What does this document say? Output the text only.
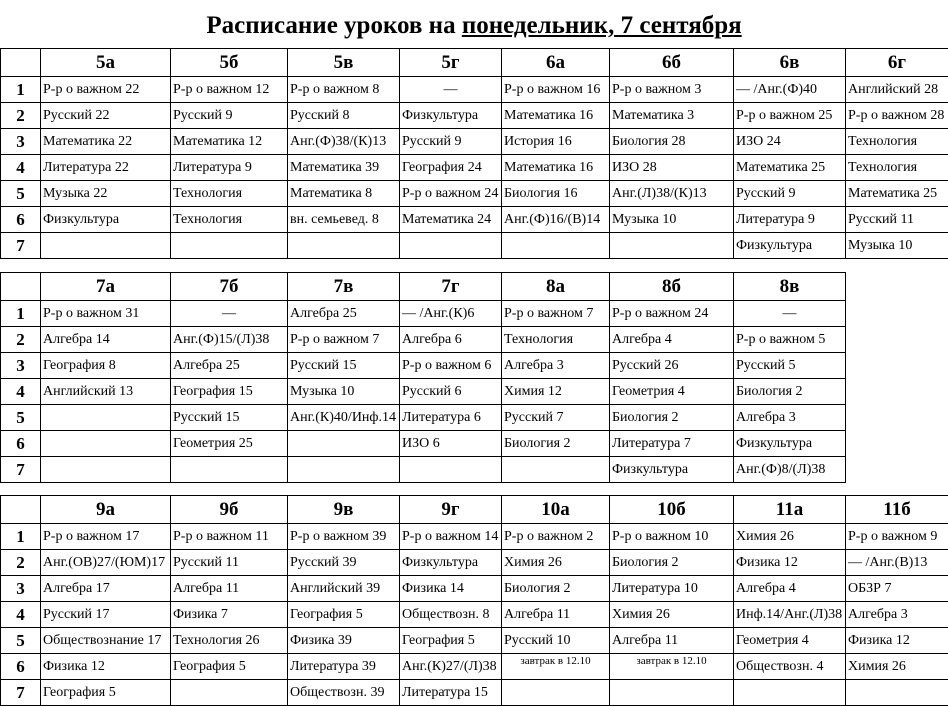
Расписание уроков на понедельник, 7 сентября
	5а	5б	5в	5г	6а	6б	6в	6г
1	Р-р о важном 22	Р-р о важном 12	Р-р о важном 8	—	Р-р о важном 16	Р-р о важном 3	— /Анг.(Ф)40	Английский 28
2	Русский 22	Русский 9	Русский 8	Физкультура	Математика 16	Математика 3	Р-р о важном 25	Р-р о важном 28
3	Математика 22	Математика 12	Анг.(Ф)38/(К)13	Русский 9	История 16	Биология 28	ИЗО 24	Технология
4	Литература 22	Литература 9	Математика 39	География 24	Математика 16	ИЗО 28	Математика 25	Технология
5	Музыка 22	Технология	Математика 8	Р-р о важном 24	Биология 16	Анг.(Л)38/(К)13	Русский 9	Математика 25
6	Физкультура	Технология	вн. семьевед. 8	Математика 24	Анг.(Ф)16/(В)14	Музыка 10	Литература 9	Русский 11
7							Физкультура	Музыка 10
	7а	7б	7в	7г	8а	8б	8в
1	Р-р о важном 31	—	Алгебра 25	— /Анг.(К)6	Р-р о важном 7	Р-р о важном 24	—
2	Алгебра 14	Анг.(Ф)15/(Л)38	Р-р о важном 7	Алгебра 6	Технология	Алгебра 4	Р-р о важном 5
3	География 8	Алгебра 25	Русский 15	Р-р о важном 6	Алгебра 3	Русский 26	Русский 5
4	Английский 13	География 15	Музыка 10	Русский 6	Химия 12	Геометрия 4	Биология 2
5		Русский 15	Анг.(К)40/Инф.14	Литература 6	Русский 7	Биология 2	Алгебра 3
6		Геометрия 25		ИЗО 6	Биология 2	Литература 7	Физкультура
7						Физкультура	Анг.(Ф)8/(Л)38
	9а	9б	9в	9г	10а	10б	11а	11б
1	Р-р о важном 17	Р-р о важном 11	Р-р о важном 39	Р-р о важном 14	Р-р о важном 2	Р-р о важном 10	Химия 26	Р-р о важном 9
2	Анг.(ОВ)27/(ЮМ)17	Русский 11	Русский 39	Физкультура	Химия 26	Биология 2	Физика 12	— /Анг.(В)13
3	Алгебра 17	Алгебра 11	Английский 39	Физика 14	Биология 2	Литература 10	Алгебра 4	ОБЗР 7
4	Русский 17	Физика 7	География 5	Обществозн. 8	Алгебра 11	Химия 26	Инф.14/Анг.(Л)38	Алгебра 3
5	Обществознание 17	Технология 26	Физика 39	География 5	Русский 10	Алгебра 11	Геометрия 4	Физика 12
6	Физика 12	География 5	Литература 39	Анг.(К)27/(Л)38	завтрак в 12.10	завтрак в 12.10	Обществозн. 4	Химия 26
7	География 5		Обществозн. 39	Литература 15				
